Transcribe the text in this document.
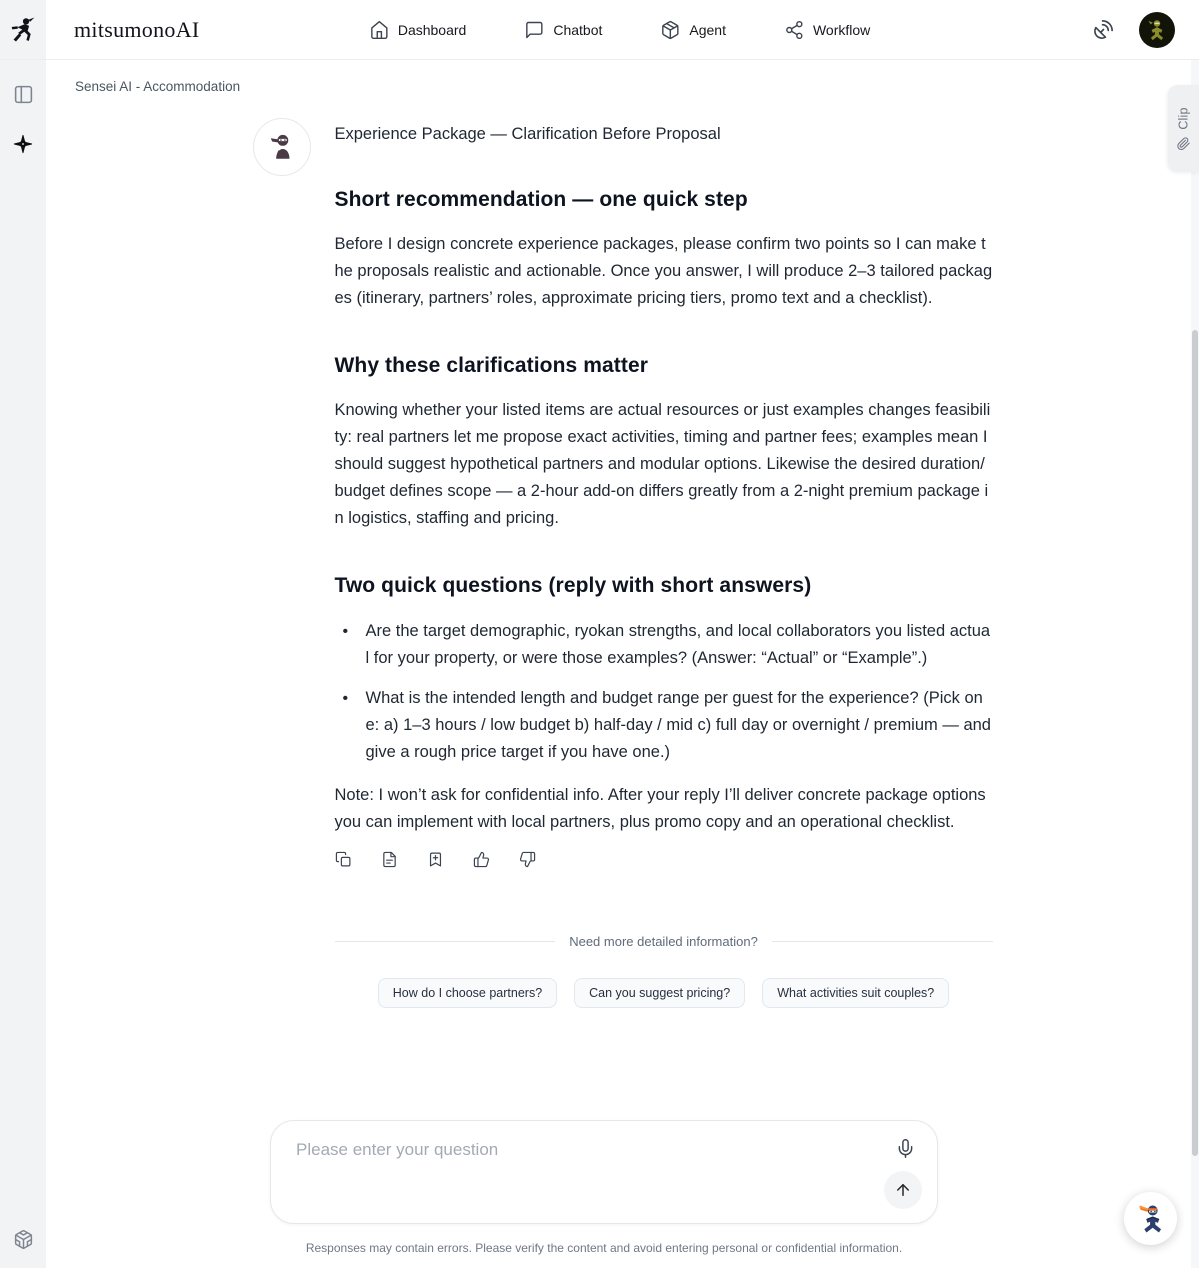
mitsumonoAI	Dashboard	Chatbot	Agent	Workflow
Sensei AI - Accommodation
Experience Package — Clarification Before Proposal
Short recommendation — one quick step

Before I design concrete experience packages, please confirm two points so I can make the proposals realistic and actionable. Once you answer, I will produce 2–3 tailored packages (itinerary, partners’ roles, approximate pricing tiers, promo text and a checklist).

Why these clarifications matter

Knowing whether your listed items are actual resources or just examples changes feasibility: real partners let me propose exact activities, timing and partner fees; examples mean I should suggest hypothetical partners and modular options. Likewise the desired duration/budget defines scope — a 2-hour add-on differs greatly from a 2-night premium package in logistics, staffing and pricing.

Two quick questions (reply with short answers)
• Are the target demographic, ryokan strengths, and local collaborators you listed actual for your property, or were those examples? (Answer: “Actual” or “Example”.)
• What is the intended length and budget range per guest for the experience? (Pick one: a) 1–3 hours / low budget b) half-day / mid c) full day or overnight / premium — and give a rough price target if you have one.)

Note: I won’t ask for confidential info. After your reply I’ll deliver concrete package options you can implement with local partners, plus promo copy and an operational checklist.

Need more detailed information?
How do I choose partners?	Can you suggest pricing?	What activities suit couples?
Please enter your question
Responses may contain errors. Please verify the content and avoid entering personal or confidential information.
Clip
